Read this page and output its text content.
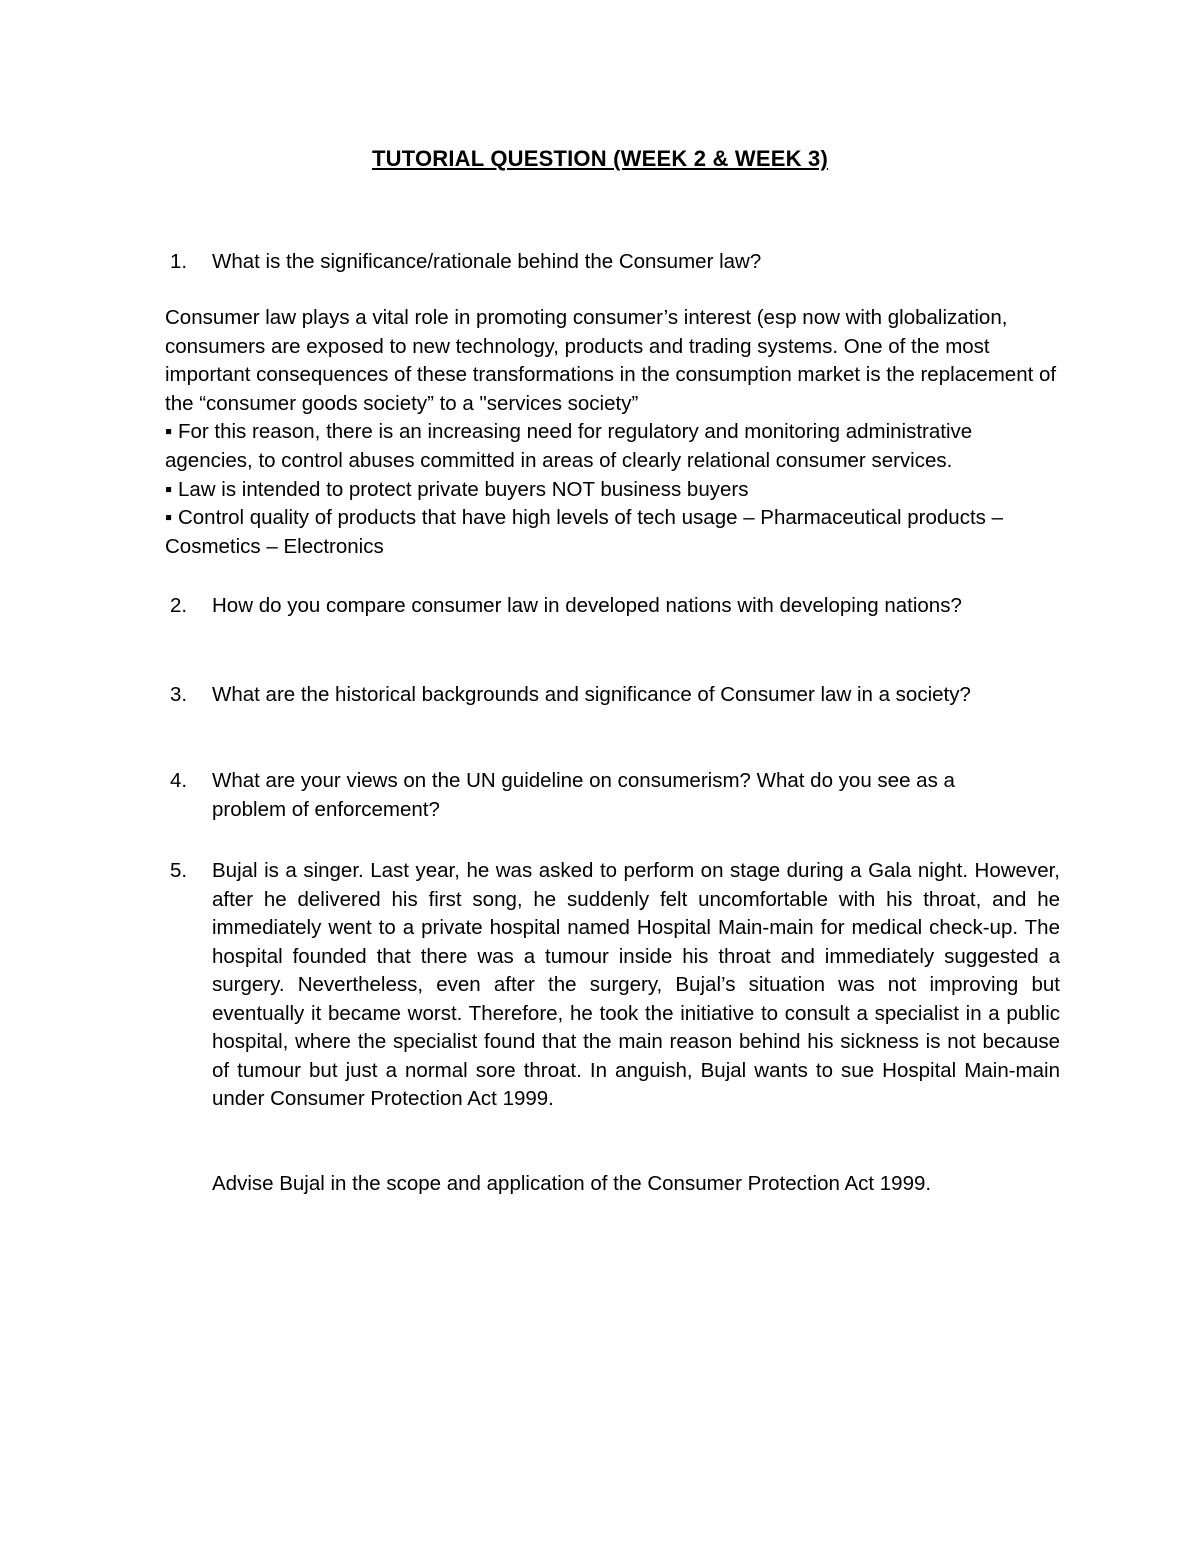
TUTORIAL QUESTION (WEEK 2 & WEEK 3)
1.	What is the significance/rationale behind the Consumer law?

Consumer law plays a vital role in promoting consumer’s interest (esp now with globalization, consumers are exposed to new technology, products and trading systems. One of the most important consequences of these transformations in the consumption market is the replacement of the “consumer goods society” to a "services society”

▪ For this reason, there is an increasing need for regulatory and monitoring administrative agencies, to control abuses committed in areas of clearly relational consumer services.

▪ Law is intended to protect private buyers NOT business buyers

▪ Control quality of products that have high levels of tech usage – Pharmaceutical products – Cosmetics – Electronics

2.	How do you compare consumer law in developed nations with developing nations?
3.	What are the historical backgrounds and significance of Consumer law in a society?
4.	What are your views on the UN guideline on consumerism? What do you see as a problem of enforcement?
5.	Bujal is a singer. Last year, he was asked to perform on stage during a Gala night. However, after he delivered his first song, he suddenly felt uncomfortable with his throat, and he immediately went to a private hospital named Hospital Main-main for medical check-up. The hospital founded that there was a tumour inside his throat and immediately suggested a surgery. Nevertheless, even after the surgery, Bujal’s situation was not improving but eventually it became worst. Therefore, he took the initiative to consult a specialist in a public hospital, where the specialist found that the main reason behind his sickness is not because of tumour but just a normal sore throat. In anguish, Bujal wants to sue Hospital Main-main under Consumer Protection Act 1999.
Advise Bujal in the scope and application of the Consumer Protection Act 1999.
